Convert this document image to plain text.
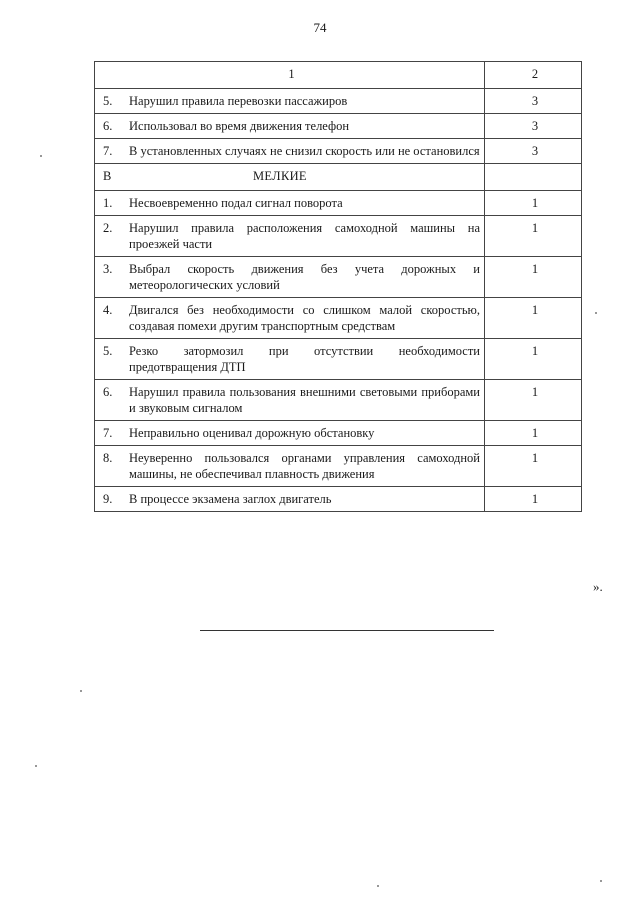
74
1	2

5. Нарушил правила перевозки пассажиров	3

6. Использовал во время движения телефон	3

7. В установленных случаях не снизил скорость или не остановился	3
В МЕЛКИЕ	

1. Несвоевременно подал сигнал поворота	1

2. Нарушил правила расположения самоходной машины на проезжей части	1

3. Выбрал скорость движения без учета дорожных и метеорологических условий	1

4. Двигался без необходимости со слишком малой скоростью, создавая помехи другим транспортным средствам	1

5. Резко затормозил при отсутствии необходимости предотвращения ДТП	1

6. Нарушил правила пользования внешними световыми приборами и звуковым сигналом	1

7. Неправильно оценивал дорожную обстановку	1

8. Неуверенно пользовался органами управления самоходной машины, не обеспечивал плавность движения	1

9. В процессе экзамена заглох двигатель	1
».
